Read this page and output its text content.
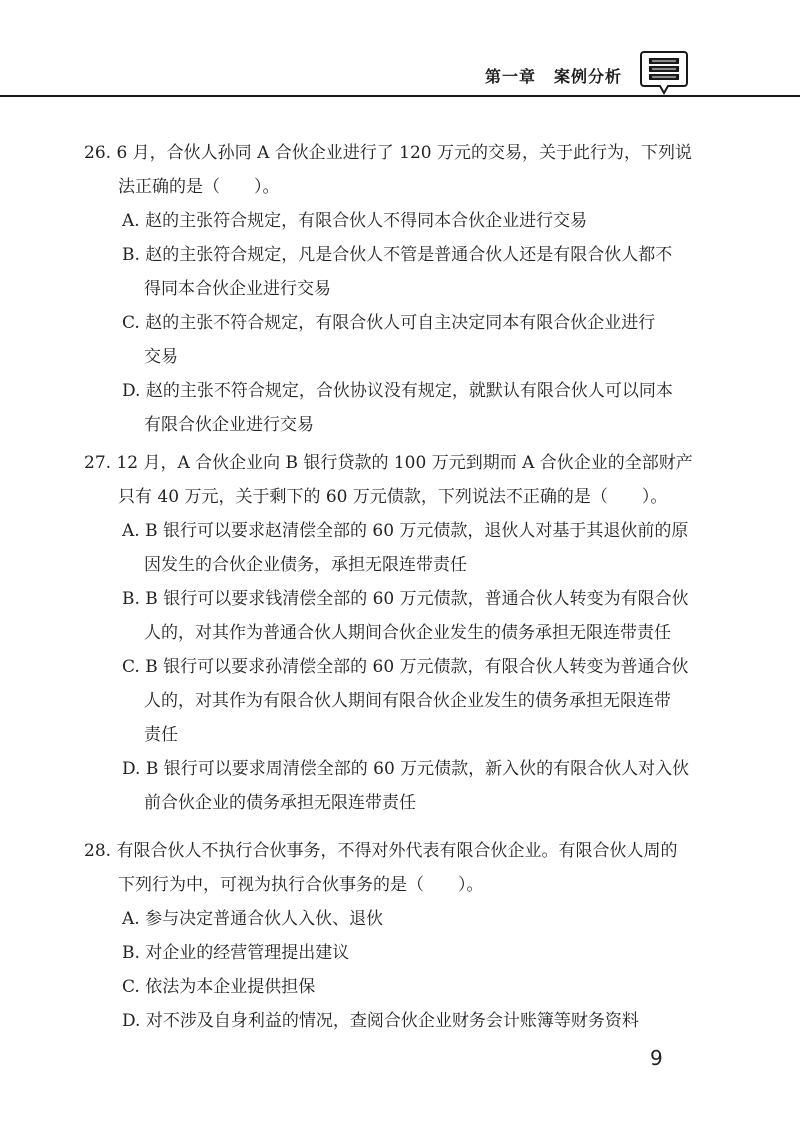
第一章 案例分析
26. 6 月，合伙人孙同 A 合伙企业进行了 120 万元的交易，关于此行为，下列说
法正确的是（　　）。
A. 赵的主张符合规定，有限合伙人不得同本合伙企业进行交易
B. 赵的主张符合规定，凡是合伙人不管是普通合伙人还是有限合伙人都不
得同本合伙企业进行交易
C. 赵的主张不符合规定，有限合伙人可自主决定同本有限合伙企业进行
交易
D. 赵的主张不符合规定，合伙协议没有规定，就默认有限合伙人可以同本
有限合伙企业进行交易
27. 12 月，A 合伙企业向 B 银行贷款的 100 万元到期而 A 合伙企业的全部财产
只有 40 万元，关于剩下的 60 万元债款，下列说法不正确的是（　　）。
A. B 银行可以要求赵清偿全部的 60 万元债款，退伙人对基于其退伙前的原
因发生的合伙企业债务，承担无限连带责任
B. B 银行可以要求钱清偿全部的 60 万元债款，普通合伙人转变为有限合伙
人的，对其作为普通合伙人期间合伙企业发生的债务承担无限连带责任
C. B 银行可以要求孙清偿全部的 60 万元债款，有限合伙人转变为普通合伙
人的，对其作为有限合伙人期间有限合伙企业发生的债务承担无限连带
责任
D. B 银行可以要求周清偿全部的 60 万元债款，新入伙的有限合伙人对入伙
前合伙企业的债务承担无限连带责任
28. 有限合伙人不执行合伙事务，不得对外代表有限合伙企业。有限合伙人周的
下列行为中，可视为执行合伙事务的是（　　）。
A. 参与决定普通合伙人入伙、退伙
B. 对企业的经营管理提出建议
C. 依法为本企业提供担保
D. 对不涉及自身利益的情况，查阅合伙企业财务会计账簿等财务资料
9
